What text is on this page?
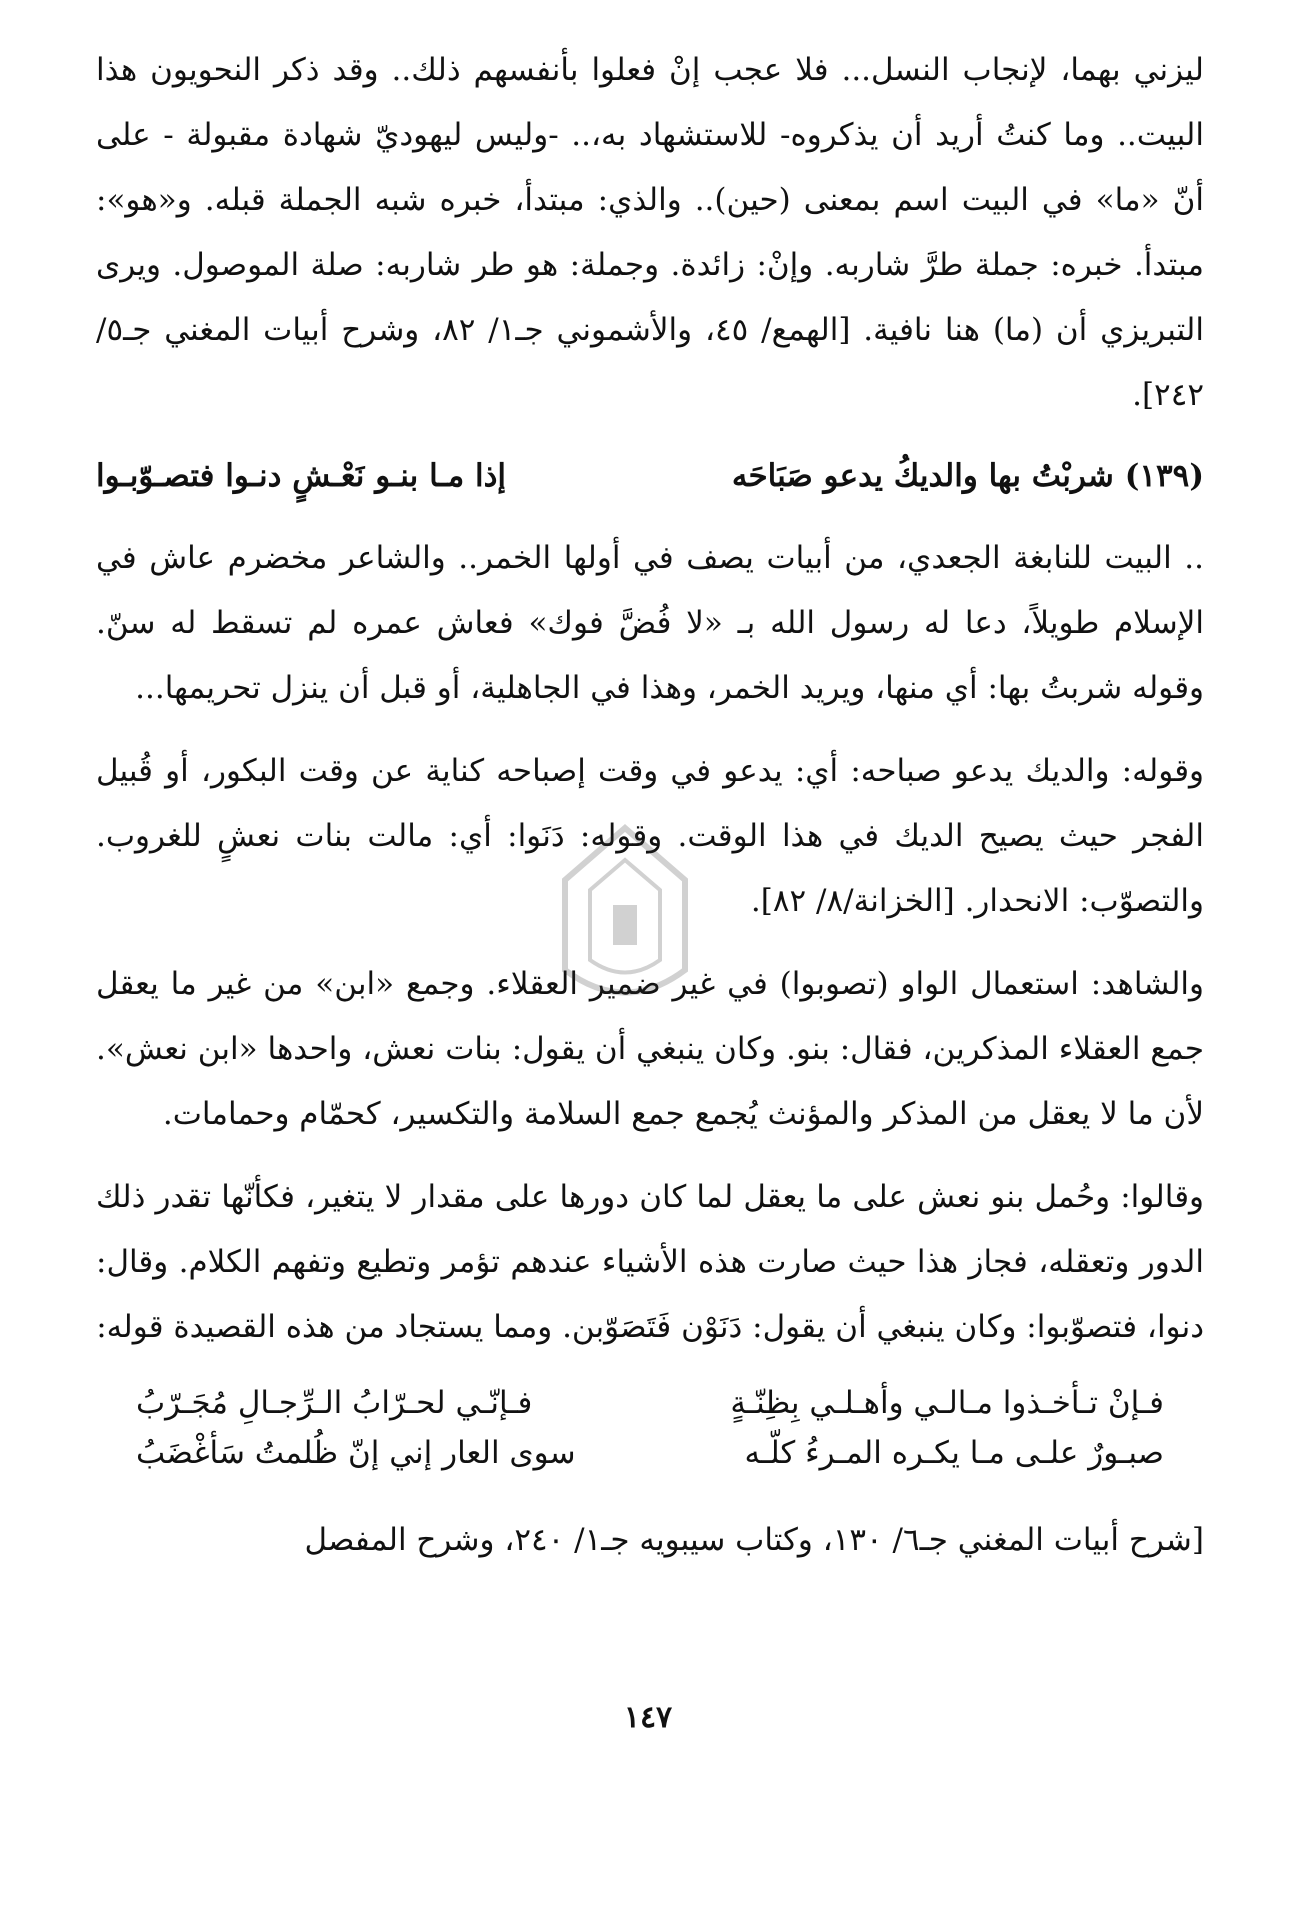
ليزني بهما، لإنجاب النسل... فلا عجب إنْ فعلوا بأنفسهم ذلك.. وقد ذكر النحويون هذا البيت.. وما كنتُ أريد أن يذكروه- للاستشهاد به،.. -وليس ليهوديّ شهادة مقبولة - على أنّ «ما» في البيت اسم بمعنى (حين).. والذي: مبتدأ، خبره شبه الجملة قبله. و«هو»: مبتدأ. خبره: جملة طرَّ شاربه. وإنْ: زائدة. وجملة: هو طر شاربه: صلة الموصول. ويرى التبريزي أن (ما) هنا نافية. [الهمع/ ٤٥، والأشموني جـ١/ ٨٢، وشرح أبيات المغني جـ٥/ ٢٤٢].

(١٣٩) شربْتُ بها والديكُ يدعو صَبَاحَه
إذا مـا بنـو نَعْـشٍ دنـوا فتصـوّبـوا

.. البيت للنابغة الجعدي، من أبيات يصف في أولها الخمر.. والشاعر مخضرم عاش في الإسلام طويلاً، دعا له رسول الله بـ «لا فُضَّ فوك» فعاش عمره لم تسقط له سنّ. وقوله شربتُ بها: أي منها، ويريد الخمر، وهذا في الجاهلية، أو قبل أن ينزل تحريمها...

وقوله: والديك يدعو صباحه: أي: يدعو في وقت إصباحه كناية عن وقت البكور، أو قُبيل الفجر حيث يصيح الديك في هذا الوقت. وقوله: دَنَوا: أي: مالت بنات نعشٍ للغروب. والتصوّب: الانحدار. [الخزانة/٨/ ٨٢].

والشاهد: استعمال الواو (تصوبوا) في غير ضمير العقلاء. وجمع «ابن» من غير ما يعقل جمع العقلاء المذكرين، فقال: بنو. وكان ينبغي أن يقول: بنات نعش، واحدها «ابن نعش». لأن ما لا يعقل من المذكر والمؤنث يُجمع جمع السلامة والتكسير، كحمّام وحمامات.

وقالوا: وحُمل بنو نعش على ما يعقل لما كان دورها على مقدار لا يتغير، فكأنّها تقدر ذلك الدور وتعقله، فجاز هذا حيث صارت هذه الأشياء عندهم تؤمر وتطيع وتفهم الكلام. وقال: دنوا، فتصوّبوا: وكان ينبغي أن يقول: دَنَوْن فَتَصَوّبن. ومما يستجاد من هذه القصيدة قوله:

فـإنْ تـأخـذوا مـالـي وأهـلـي بِظِنّـةٍ
فـإنّـي لحـرّابُ الـرِّجـالِ مُجَـرّبُ
صبـورٌ علـى مـا يكـره المـرءُ كلّـه
سوى العار إني إنّ ظُلمتُ سَأغْضَبُ

[شرح أبيات المغني جـ٦/ ١٣٠، وكتاب سيبويه جـ١/ ٢٤٠، وشرح المفصل

١٤٧
